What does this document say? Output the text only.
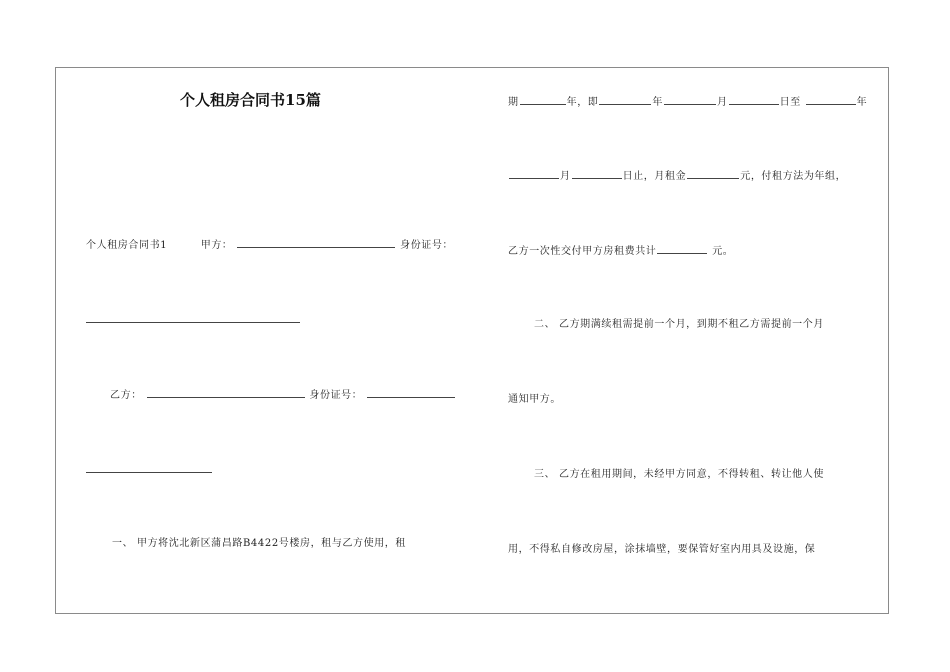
个人租房合同书15篇
个人租房合同书1	甲方：	身份证号：
乙方：	身份证号：
一、 甲方将沈北新区蒲昌路B4422号楼房，租与乙方使用，租
期	年，即	年	月	日至	年
月	日止，月租金	元，付租方法为年组，
乙方一次性交付甲方房租费共计	元。
二、 乙方期满续租需提前一个月，到期不租乙方需提前一个月
通知甲方。
三、 乙方在租用期间，未经甲方同意，不得转租、转让他人使
用，不得私自修改房屋，涂抹墙壁，要保管好室内用具及设施，保
